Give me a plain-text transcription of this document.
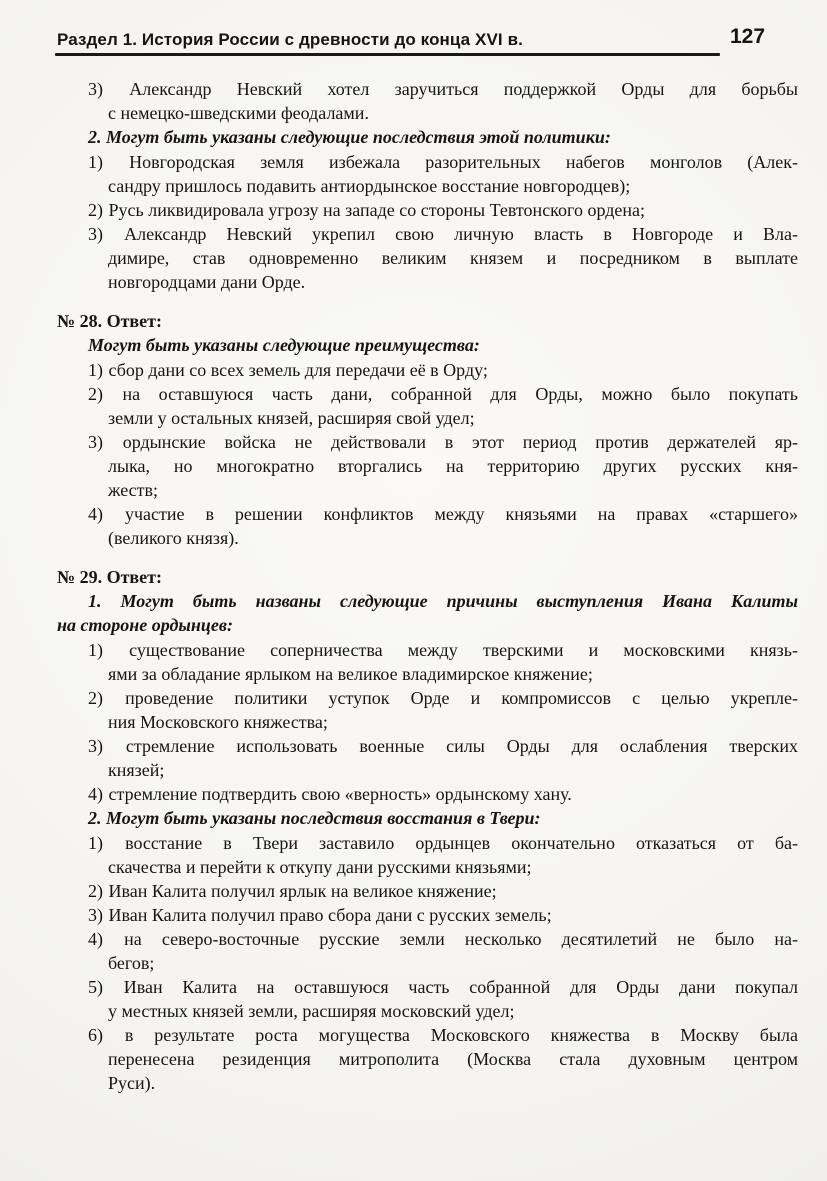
Раздел 1. История России с древности до конца XVI в.	127
3) Александр Невский хотел заручиться поддержкой Орды для борьбы
с немецко-шведскими феодалами.
2. Могут быть указаны следующие последствия этой политики:
1) Новгородская земля избежала разорительных набегов монголов (Алек-
сандру пришлось подавить антиордынское восстание новгородцев);
2) Русь ликвидировала угрозу на западе со стороны Тевтонского ордена;
3) Александр Невский укрепил свою личную власть в Новгороде и Вла-
димире, став одновременно великим князем и посредником в выплате
новгородцами дани Орде.
№ 28. Ответ:
Могут быть указаны следующие преимущества:
1) сбор дани со всех земель для передачи её в Орду;
2) на оставшуюся часть дани, собранной для Орды, можно было покупать
земли у остальных князей, расширяя свой удел;
3) ордынские войска не действовали в этот период против держателей яр-
лыка, но многократно вторгались на территорию других русских кня-
жеств;
4) участие в решении конфликтов между князьями на правах «старшего»
(великого князя).
№ 29. Ответ:
1. Могут быть названы следующие причины выступления Ивана Калиты
на стороне ордынцев:
1) существование соперничества между тверскими и московскими князь-
ями за обладание ярлыком на великое владимирское княжение;
2) проведение политики уступок Орде и компромиссов с целью укрепле-
ния Московского княжества;
3) стремление использовать военные силы Орды для ослабления тверских
князей;
4) стремление подтвердить свою «верность» ордынскому хану.
2. Могут быть указаны последствия восстания в Твери:
1) восстание в Твери заставило ордынцев окончательно отказаться от ба-
скачества и перейти к откупу дани русскими князьями;
2) Иван Калита получил ярлык на великое княжение;
3) Иван Калита получил право сбора дани с русских земель;
4) на северо-восточные русские земли несколько десятилетий не было на-
бегов;
5) Иван Калита на оставшуюся часть собранной для Орды дани покупал
у местных князей земли, расширяя московский удел;
6) в результате роста могущества Московского княжества в Москву была
перенесена резиденция митрополита (Москва стала духовным центром
Руси).
